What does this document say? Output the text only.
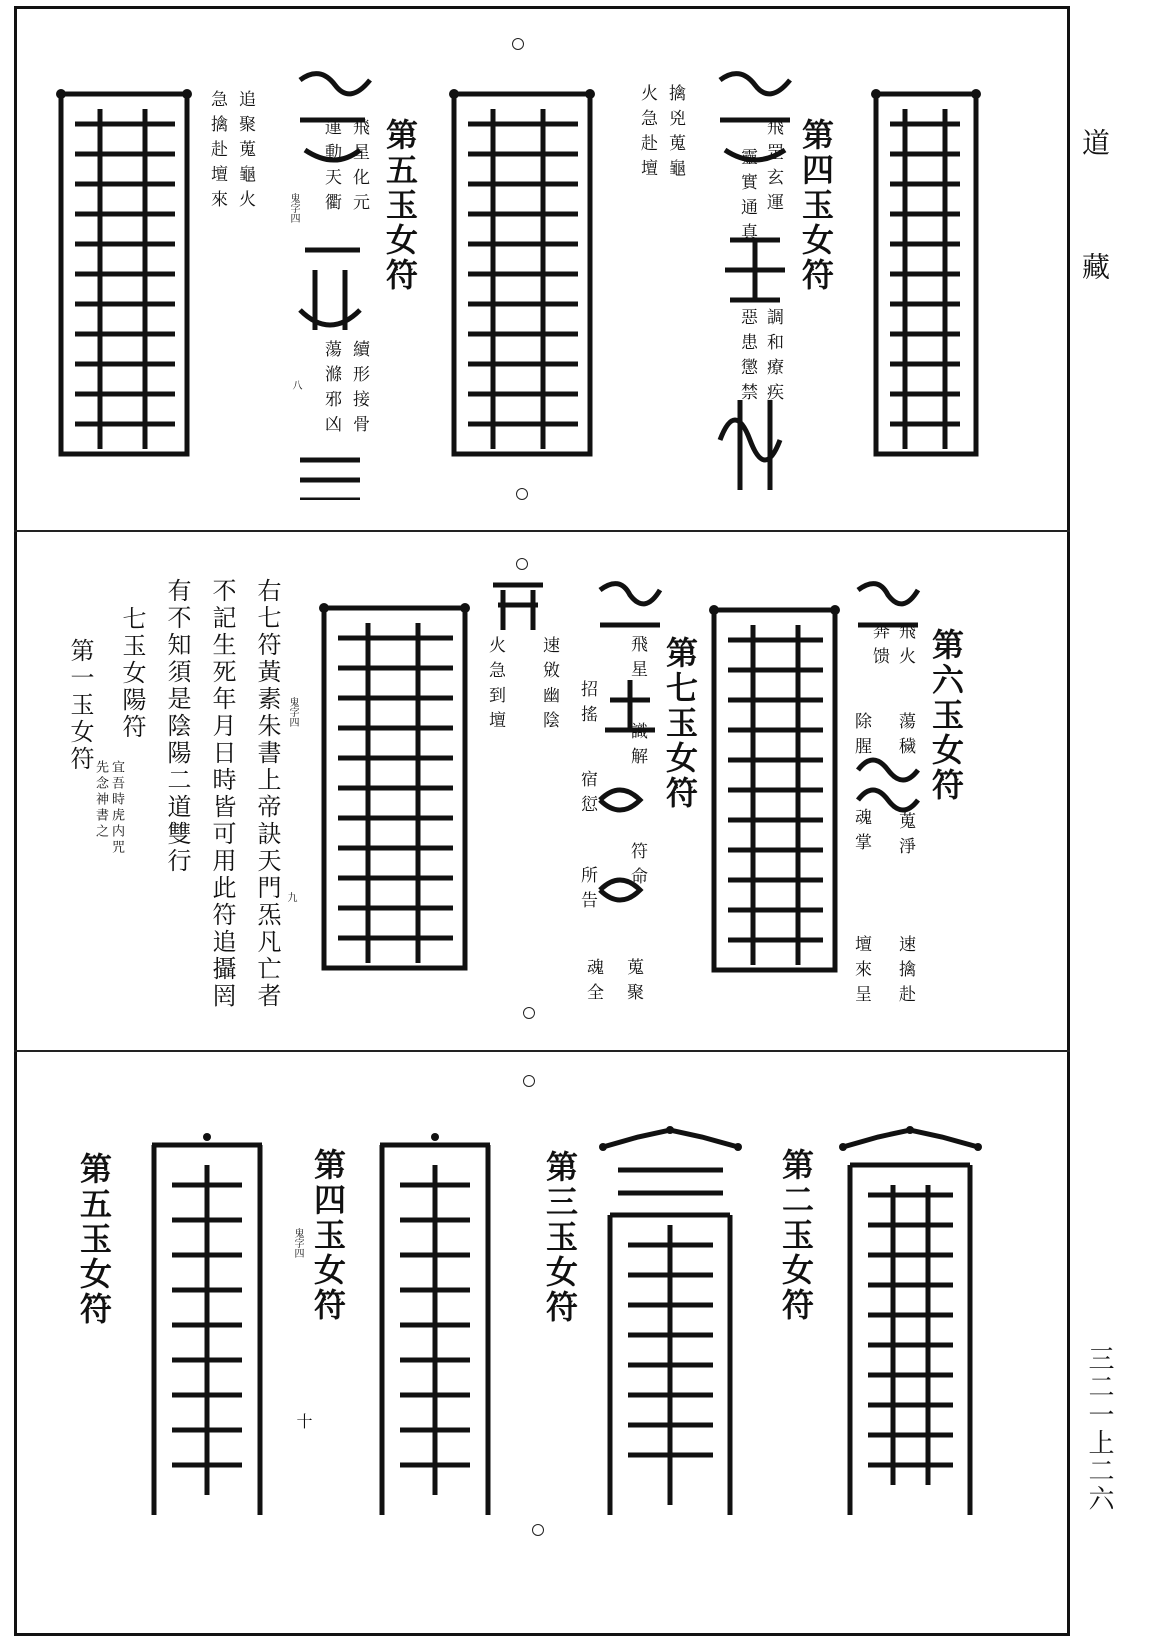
道
藏
三二一上二六
第四玉女符
飛罡玄運
靈實通真
擒兇蒐龜
火急赴壇
調和療疾
惡患懲禁
第五玉女符
飛星化元
運動天衢
續形接骨
蕩滌邪凶
追聚蒐龜火
急擒赴壇來	鬼字四
八
第六玉女符
飛火
奔馈
蕩穢
除腥
蒐淨
魂掌
速擒赴
壇來呈
第七玉女符
飛星
招搖
識解
宿愆
符命
所告
蒐聚
魂全
速敓幽陰
火急到壇
右七符黃素朱書上帝訣天門炁凡亡者
不記生死年月日時皆可用此符追攝罔
有不知須是陰陽二道雙行
七玉女陽符
宜吾時虎内咒
先念神書之
第一玉女符	鬼字四
九
第二玉女符
第三玉女符
第四玉女符
鬼字四
第五玉女符
十
